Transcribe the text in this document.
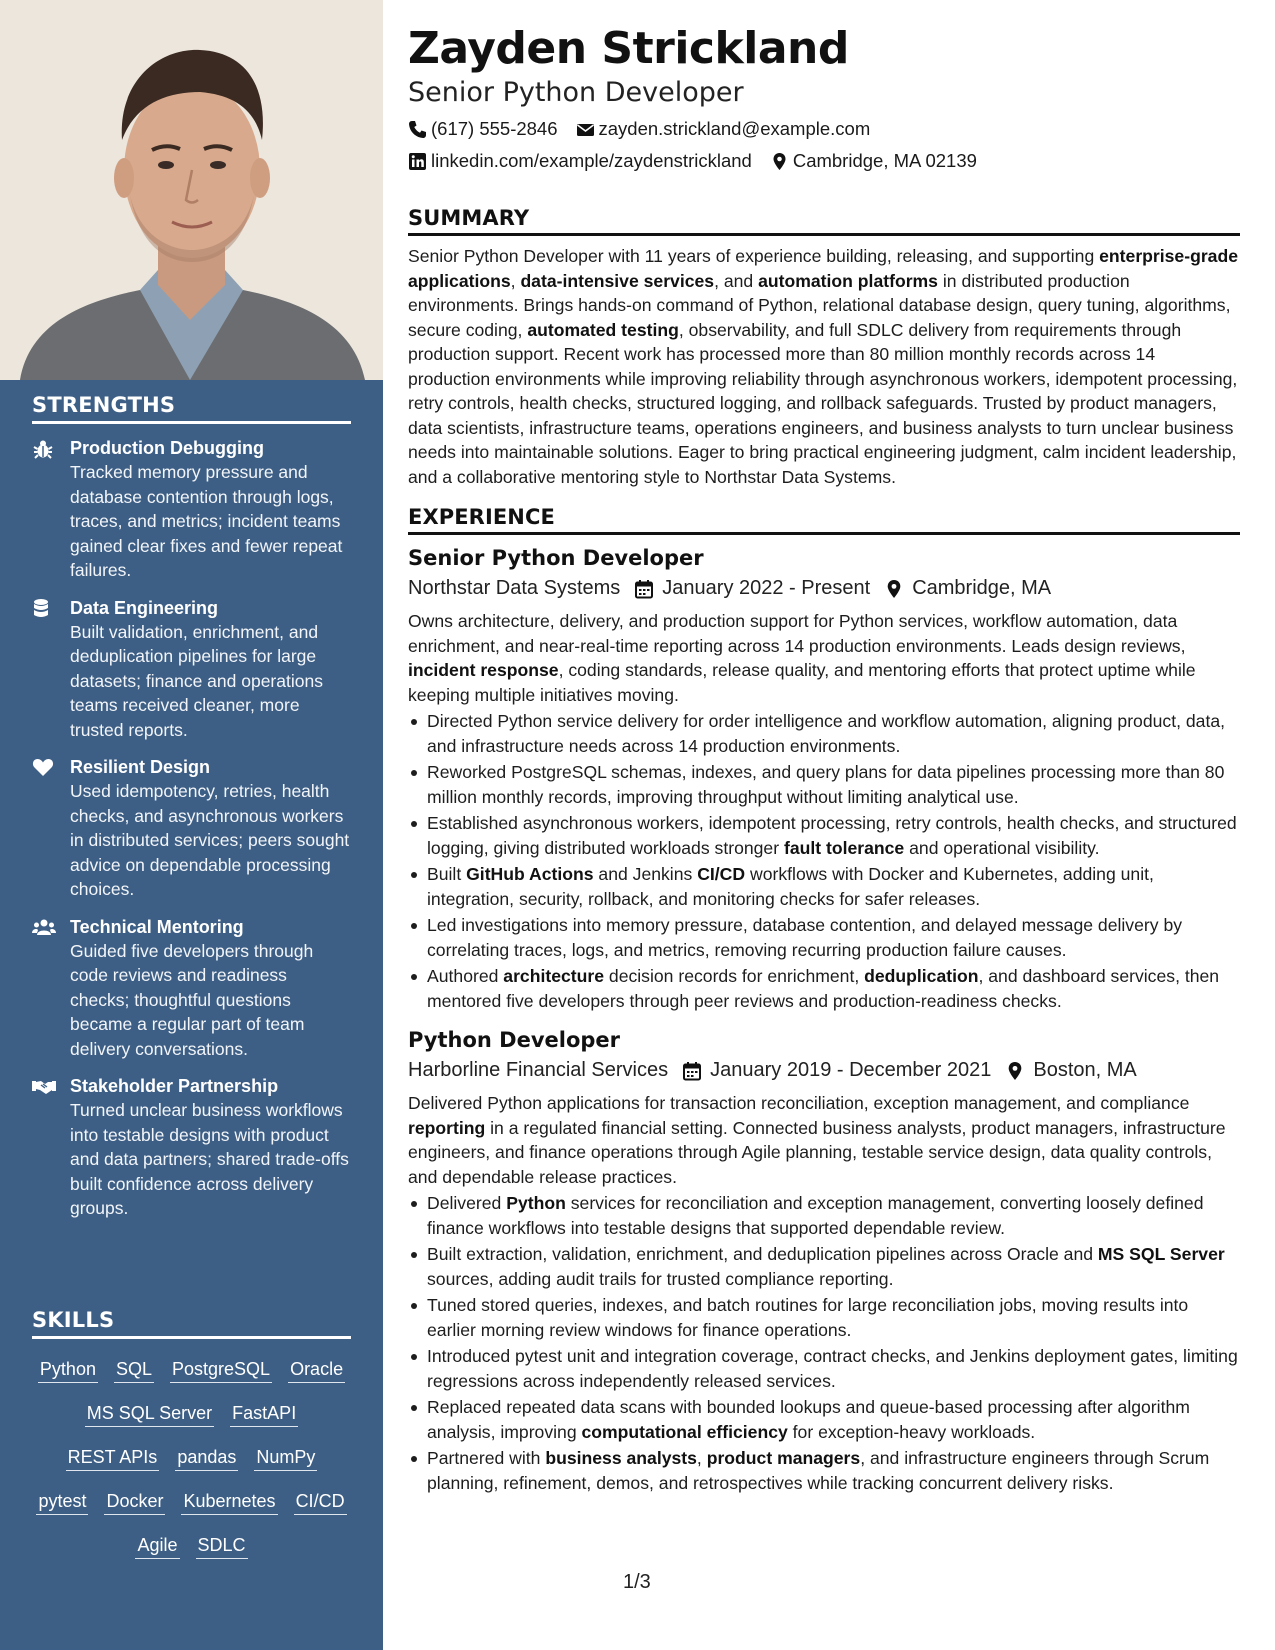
STRENGTHS
Production Debugging
Tracked memory pressure and database contention through logs, traces, and metrics; incident teams gained clear fixes and fewer repeat failures.
Data Engineering
Built validation, enrichment, and deduplication pipelines for large datasets; finance and operations teams received cleaner, more trusted reports.
Resilient Design
Used idempotency, retries, health checks, and asynchronous workers in distributed services; peers sought advice on dependable processing choices.
Technical Mentoring
Guided five developers through code reviews and readiness checks; thoughtful questions became a regular part of team delivery conversations.
Stakeholder Partnership
Turned unclear business workflows into testable designs with product and data partners; shared trade-offs built confidence across delivery groups.
SKILLS
Python SQL PostgreSQL Oracle
MS SQL Server FastAPI
REST APIs pandas NumPy
pytest Docker Kubernetes CI/CD
Agile SDLC
Zayden Strickland
Senior Python Developer
(617) 555-2846 zayden.strickland@example.com
linkedin.com/example/zaydenstrickland Cambridge, MA 02139
SUMMARY

Senior Python Developer with 11 years of experience building, releasing, and supporting enterprise-grade applications, data-intensive services, and automation platforms in distributed production environments. Brings hands-on command of Python, relational database design, query tuning, algorithms, secure coding, automated testing, observability, and full SDLC delivery from requirements through production support. Recent work has processed more than 80 million monthly records across 14 production environments while improving reliability through asynchronous workers, idempotent processing, retry controls, health checks, structured logging, and rollback safeguards. Trusted by product managers, data scientists, infrastructure teams, operations engineers, and business analysts to turn unclear business needs into maintainable solutions. Eager to bring practical engineering judgment, calm incident leadership, and a collaborative mentoring style to Northstar Data Systems.

EXPERIENCE
Senior Python Developer
Northstar Data Systems January 2022 - Present Cambridge, MA

Owns architecture, delivery, and production support for Python services, workflow automation, data enrichment, and near-real-time reporting across 14 production environments. Leads design reviews, incident response, coding standards, release quality, and mentoring efforts that protect uptime while keeping multiple initiatives moving.

Directed Python service delivery for order intelligence and workflow automation, aligning product, data, and infrastructure needs across 14 production environments.
Reworked PostgreSQL schemas, indexes, and query plans for data pipelines processing more than 80 million monthly records, improving throughput without limiting analytical use.
Established asynchronous workers, idempotent processing, retry controls, health checks, and structured logging, giving distributed workloads stronger fault tolerance and operational visibility.
Built GitHub Actions and Jenkins CI/CD workflows with Docker and Kubernetes, adding unit, integration, security, rollback, and monitoring checks for safer releases.
Led investigations into memory pressure, database contention, and delayed message delivery by correlating traces, logs, and metrics, removing recurring production failure causes.
Authored architecture decision records for enrichment, deduplication, and dashboard services, then mentored five developers through peer reviews and production-readiness checks.
Python Developer
Harborline Financial Services January 2019 - December 2021 Boston, MA

Delivered Python applications for transaction reconciliation, exception management, and compliance reporting in a regulated financial setting. Connected business analysts, product managers, infrastructure engineers, and finance operations through Agile planning, testable service design, data quality controls, and dependable release practices.

Delivered Python services for reconciliation and exception management, converting loosely defined finance workflows into testable designs that supported dependable review.
Built extraction, validation, enrichment, and deduplication pipelines across Oracle and MS SQL Server sources, adding audit trails for trusted compliance reporting.
Tuned stored queries, indexes, and batch routines for large reconciliation jobs, moving results into earlier morning review windows for finance operations.
Introduced pytest unit and integration coverage, contract checks, and Jenkins deployment gates, limiting regressions across independently released services.
Replaced repeated data scans with bounded lookups and queue-based processing after algorithm analysis, improving computational efficiency for exception-heavy workloads.
Partnered with business analysts, product managers, and infrastructure engineers through Scrum planning, refinement, demos, and retrospectives while tracking concurrent delivery risks.
1/3
